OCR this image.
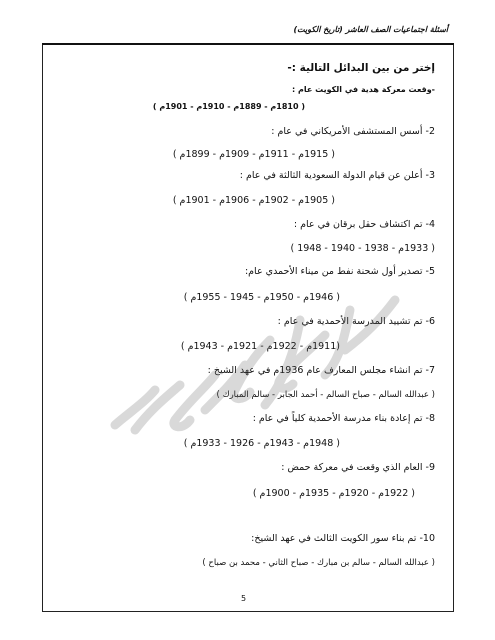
أسئلة اجتماعيات الصف العاشر (تاريخ الكويت)
إختر من بين البدائل التالية :-
-وقعت معركة هدية في الكويت عام :
( 1810م - 1889م - 1910م - 1901م )
2- أسس المستشفى الأمريكاني في عام :
( 1915م - 1911م - 1909م - 1899م )
3- أعلن عن قيام الدولة السعودية الثالثة في عام :
( 1905م - 1902م - 1906م - 1901م )
4- تم اكتشاف حقل برقان في عام :
( 1933م - 1938 - 1940 - 1948 )
5- تصدير أول شحنة نفط من ميناء الأحمدي عام:
( 1946م - 1950م - 1945 - 1955م )
6- تم تشييد المدرسة الأحمدية في عام :
(1911م - 1922م - 1921م - 1943م )
7- تم انشاء مجلس المعارف عام 1936م في عهد الشيخ :
( عبدالله السالم - صباح السالم - أحمد الجابر - سالم المبارك )
8- تم إعادة بناء مدرسة الأحمدية كلياً في عام :
( 1948م - 1943م - 1926 - 1933م )
9- العام الذي وقعت في معركة حمض :
( 1922م - 1920م - 1935م - 1900م )
10- تم بناء سور الكويت الثالث في عهد الشيخ:
( عبدالله السالم - سالم بن مبارك - صباح الثاني - محمد بن صباح )
5
